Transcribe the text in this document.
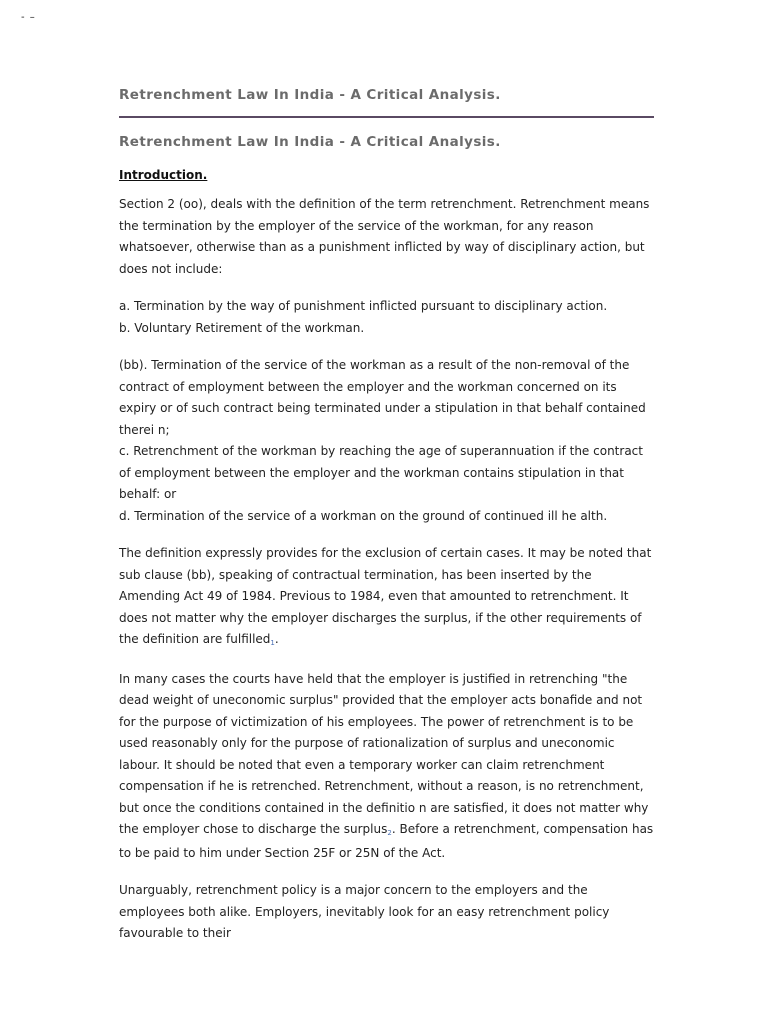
- –
Retrenchment Law In India - A Critical Analysis.
Retrenchment Law In India - A Critical Analysis.
Introduction.

Section 2 (oo), deals with the definition of the term retrenchment. Retrenchment means the termination by the employer of the service of the workman, for any reason whatsoever, otherwise than as a punishment inflicted by way of disciplinary action, but does not include:

a. Termination by the way of punishment inflicted pursuant to disciplinary action.

b. Voluntary Retirement of the workman.

(bb). Termination of the service of the workman as a result of the non-removal of the contract of employment between the employer and the workman concerned on its expiry or of such contract being terminated under a stipulation in that behalf contained therei n;

c. Retrenchment of the workman by reaching the age of superannuation if the contract of employment between the employer and the workman contains stipulation in that behalf: or

d. Termination of the service of a workman on the ground of continued ill he alth.

The definition expressly provides for the exclusion of certain cases. It may be noted that sub clause (bb), speaking of contractual termination, has been inserted by the Amending Act 49 of 1984. Previous to 1984, even that amounted to retrenchment. It does not matter why the employer discharges the surplus, if the other requirements of the definition are fulfilled1.

In many cases the courts have held that the employer is justified in retrenching "the dead weight of uneconomic surplus" provided that the employer acts bonafide and not for the purpose of victimization of his employees. The power of retrenchment is to be used reasonably only for the purpose of rationalization of surplus and uneconomic labour. It should be noted that even a temporary worker can claim retrenchment compensation if he is retrenched. Retrenchment, without a reason, is no retrenchment, but once the conditions contained in the definitio n are satisfied, it does not matter why the employer chose to discharge the surplus2. Before a retrenchment, compensation has to be paid to him under Section 25F or 25N of the Act.

Unarguably, retrenchment policy is a major concern to the employers and the employees both alike. Employers, inevitably look for an easy retrenchment policy favourable to their
